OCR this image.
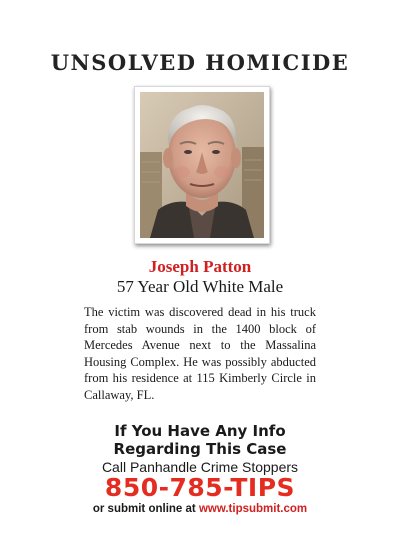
UNSOLVED HOMICIDE
Joseph Patton
57 Year Old White Male
The victim was discovered dead in his truck from stab wounds in the 1400 block of Mercedes Avenue next to the Massalina Housing Complex. He was possibly abducted from his residence at 115 Kimberly Circle in Callaway, FL.
If You Have Any Info
Regarding This Case
Call Panhandle Crime Stoppers
850-785-TIPS
or submit online at www.tipsubmit.com
